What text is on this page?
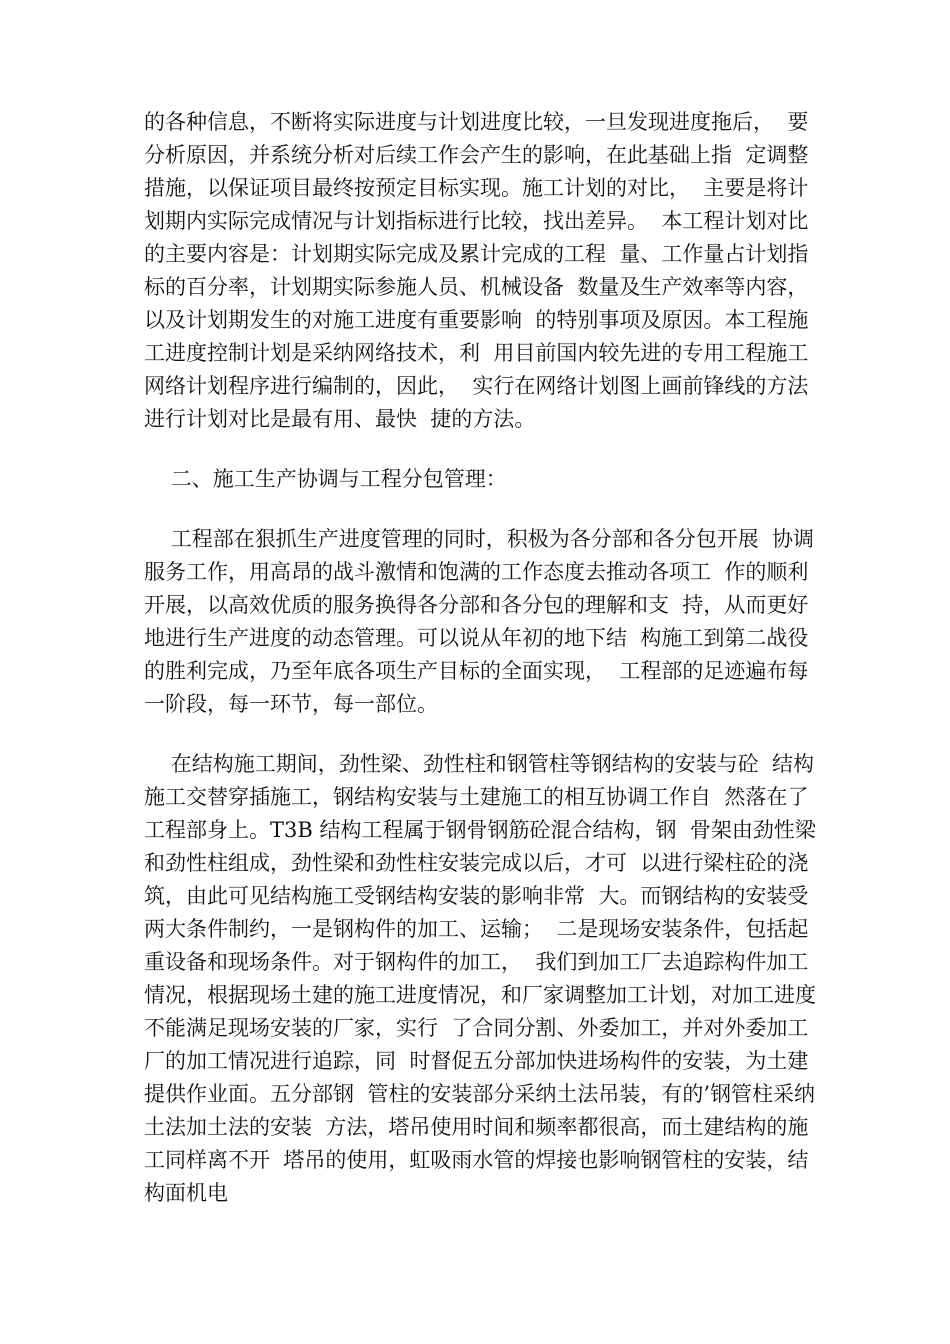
的各种信息，不断将实际进度与计划进度比较，一旦发现进度拖后，  要
分析原因，并系统分析对后续工作会产生的影响，在此基础上指  定调整
措施，以保证项目最终按预定目标实现。施工计划的对比，  主要是将计
划期内实际完成情况与计划指标进行比较，找出差异。  本工程计划对比
的主要内容是：计划期实际完成及累计完成的工程  量、工作量占计划指
标的百分率，计划期实际参施人员、机械设备  数量及生产效率等内容，
以及计划期发生的对施工进度有重要影响  的特别事项及原因。本工程施
工进度控制计划是采纳网络技术，利  用目前国内较先进的专用工程施工
网络计划程序进行编制的，因此，  实行在网络计划图上画前锋线的方法
进行计划对比是最有用、最快  捷的方法。
二、施工生产协调与工程分包管理：
工程部在狠抓生产进度管理的同时，积极为各分部和各分包开展  协调
服务工作，用高昂的战斗激情和饱满的工作态度去推动各项工  作的顺利
开展，以高效优质的服务换得各分部和各分包的理解和支  持，从而更好
地进行生产进度的动态管理。可以说从年初的地下结  构施工到第二战役
的胜利完成，乃至年底各项生产目标的全面实现，  工程部的足迹遍布每
一阶段，每一环节，每一部位。
在结构施工期间，劲性梁、劲性柱和钢管柱等钢结构的安装与砼  结构
施工交替穿插施工，钢结构安装与土建施工的相互协调工作自  然落在了
工程部身上。T3B 结构工程属于钢骨钢筋砼混合结构，钢  骨架由劲性梁
和劲性柱组成，劲性梁和劲性柱安装完成以后，才可  以进行梁柱砼的浇
筑，由此可见结构施工受钢结构安装的影响非常  大。而钢结构的安装受
两大条件制约，一是钢构件的加工、运输；  二是现场安装条件，包括起
重设备和现场条件。对于钢构件的加工，  我们到加工厂去追踪构件加工
情况，根据现场土建的施工进度情况，和厂家调整加工计划，对加工进度
不能满足现场安装的厂家，实行  了合同分割、外委加工，并对外委加工
厂的加工情况进行追踪，同  时督促五分部加快进场构件的安装，为土建
提供作业面。五分部钢  管柱的安装部分采纳土法吊装，有的’钢管柱采纳
土法加土法的安装  方法，塔吊使用时间和频率都很高，而土建结构的施
工同样离不开  塔吊的使用，虹吸雨水管的焊接也影响钢管柱的安装，结
构面机电
